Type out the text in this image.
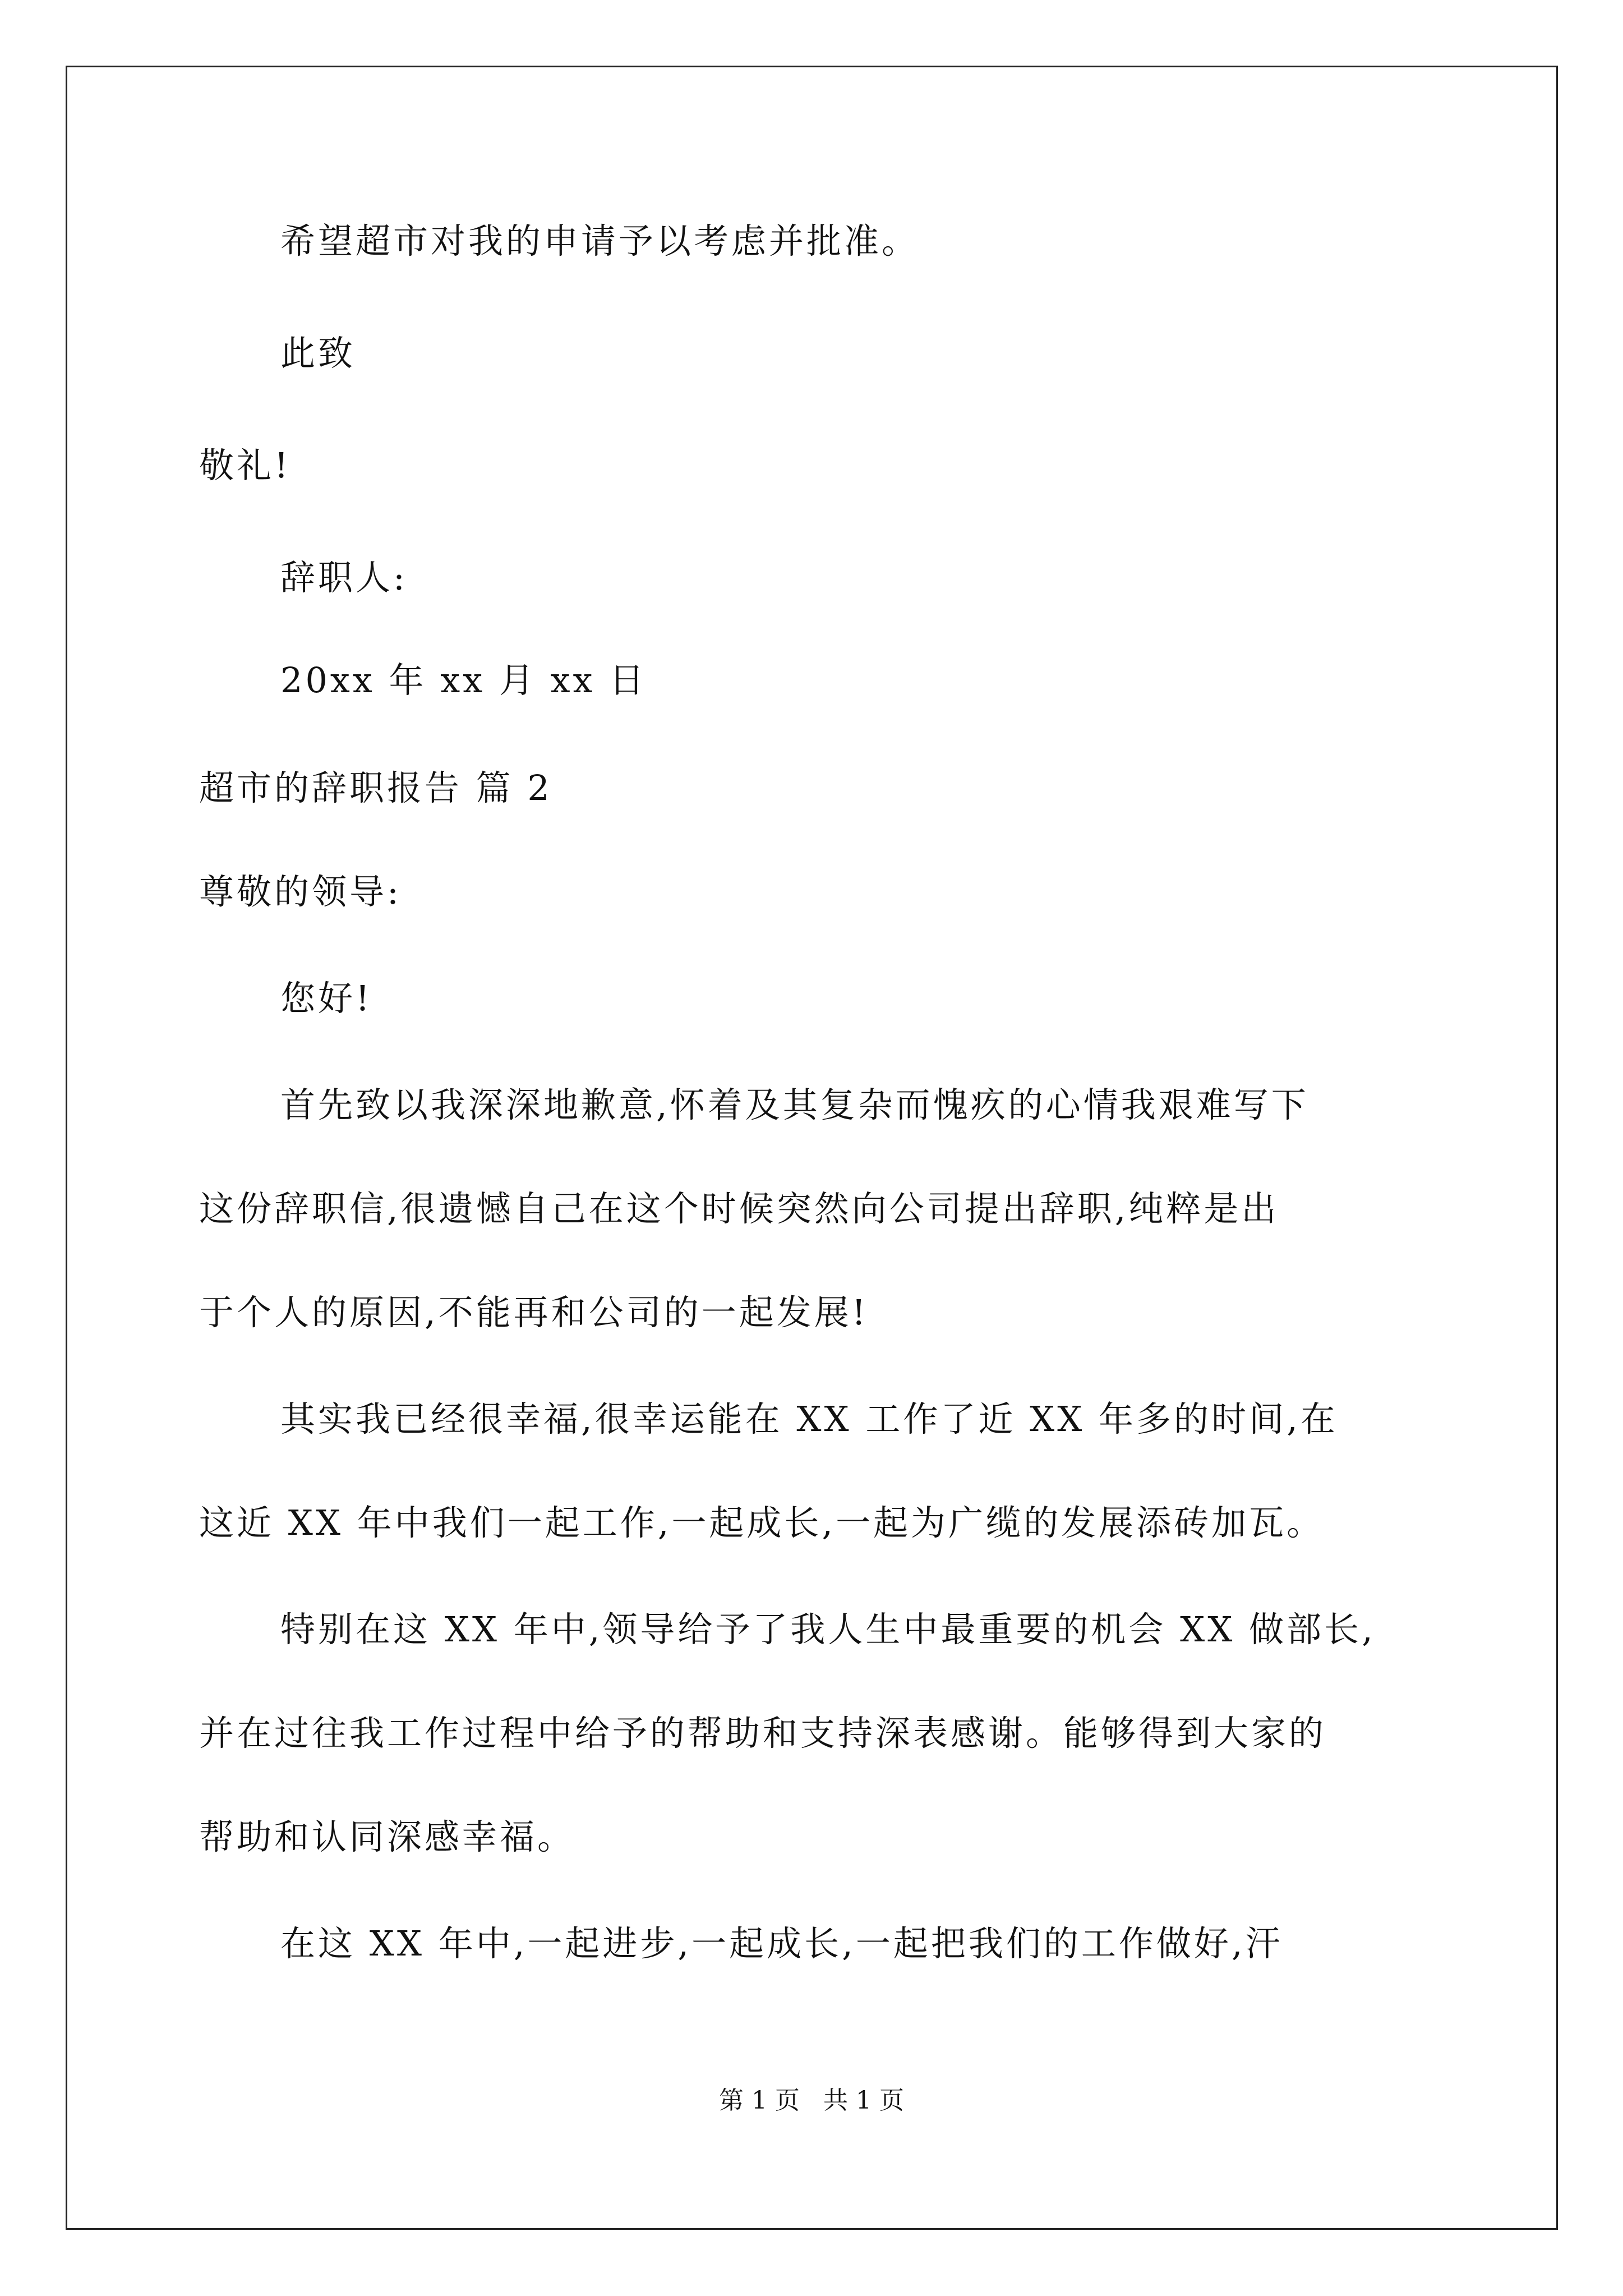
希望超市对我的申请予以考虑并批准。
此致
敬礼!
辞职人:
20xx 年 xx 月 xx 日
超市的辞职报告 篇 2
尊敬的领导:
您好!
首先致以我深深地歉意,怀着及其复杂而愧疚的心情我艰难写下
这份辞职信,很遗憾自己在这个时候突然向公司提出辞职,纯粹是出
于个人的原因,不能再和公司的一起发展!
其实我已经很幸福,很幸运能在 XX 工作了近 XX 年多的时间,在
这近 XX 年中我们一起工作,一起成长,一起为广缆的发展添砖加瓦。
特别在这 XX 年中,领导给予了我人生中最重要的机会 XX 做部长,
并在过往我工作过程中给予的帮助和支持深表感谢。能够得到大家的
帮助和认同深感幸福。
在这 XX 年中,一起进步,一起成长,一起把我们的工作做好,汗
第 1 页   共 1 页
